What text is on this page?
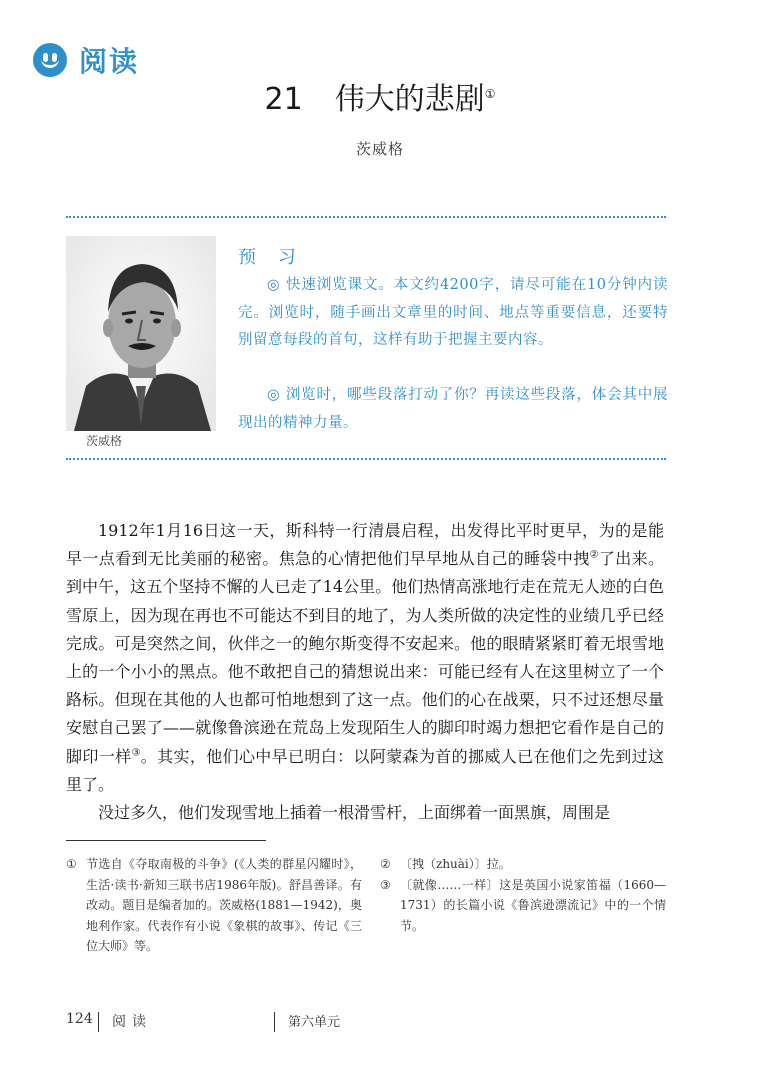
阅读
21 伟大的悲剧①
茨威格
茨威格
预 习

◎ 快速浏览课文。本文约4200字，请尽可能在10分钟内读完。浏览时，随手画出文章里的时间、地点等重要信息，还要特别留意每段的首句，这样有助于把握主要内容。

◎ 浏览时，哪些段落打动了你？再读这些段落，体会其中展现出的精神力量。

1912年1月16日这一天，斯科特一行清晨启程，出发得比平时更早，为的是能早一点看到无比美丽的秘密。焦急的心情把他们早早地从自己的睡袋中拽②了出来。到中午，这五个坚持不懈的人已走了14公里。他们热情高涨地行走在荒无人迹的白色雪原上，因为现在再也不可能达不到目的地了，为人类所做的决定性的业绩几乎已经完成。可是突然之间，伙伴之一的鲍尔斯变得不安起来。他的眼睛紧紧盯着无垠雪地上的一个小小的黑点。他不敢把自己的猜想说出来：可能已经有人在这里树立了一个路标。但现在其他的人也都可怕地想到了这一点。他们的心在战栗，只不过还想尽量安慰自己罢了——就像鲁滨逊在荒岛上发现陌生人的脚印时竭力想把它看作是自己的脚印一样③。其实，他们心中早已明白：以阿蒙森为首的挪威人已在他们之先到过这里了。

没过多久，他们发现雪地上插着一根滑雪杆，上面绑着一面黑旗，周围是

① 节选自《夺取南极的斗争》(《人类的群星闪耀时》，生活·读书·新知三联书店1986年版)。舒昌善译。有改动。题目是编者加的。茨威格(1881—1942)，奥地利作家。代表作有小说《象棋的故事》、传记《三位大师》等。
② 〔拽（zhuài）〕拉。
③ 〔就像……一样〕这是英国小说家笛福（1660—1731）的长篇小说《鲁滨逊漂流记》中的一个情节。
124 阅读	第六单元
